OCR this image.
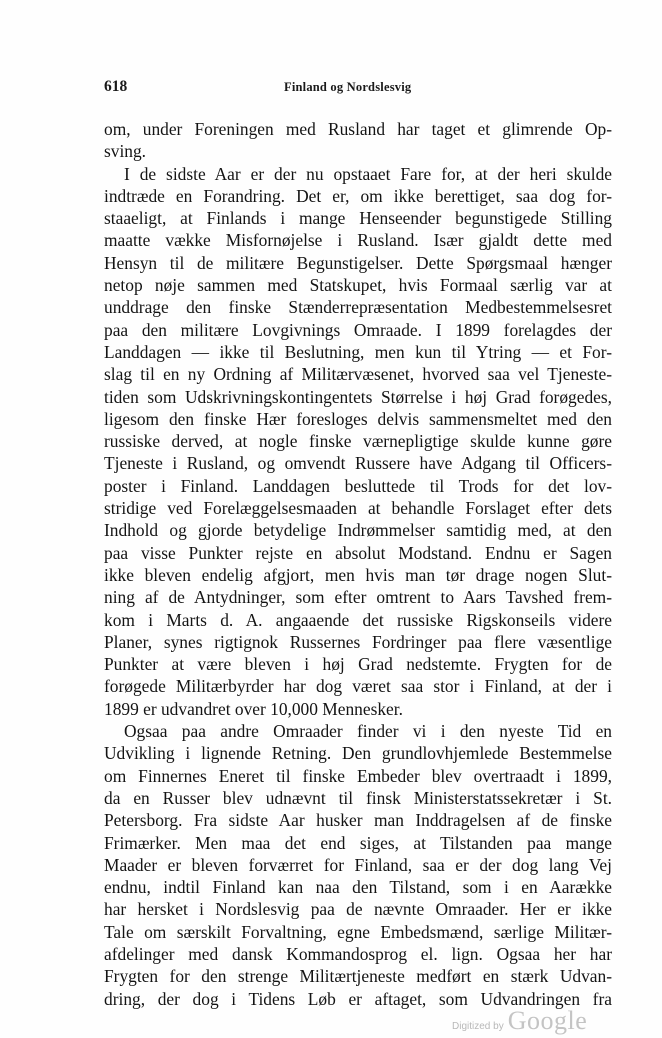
618	Finland og Nordslesvig
om, under Foreningen med Rusland har taget et glimrende Op-
sving.
I de sidste Aar er der nu opstaaet Fare for, at der heri skulde
indtræde en Forandring. Det er, om ikke berettiget, saa dog for-
staaeligt, at Finlands i mange Henseender begunstigede Stilling
maatte vække Misfornøjelse i Rusland. Især gjaldt dette med
Hensyn til de militære Begunstigelser. Dette Spørgsmaal hænger
netop nøje sammen med Statskupet, hvis Formaal særlig var at
unddrage den finske Stænderrepræsentation Medbestemmelsesret
paa den militære Lovgivnings Omraade. I 1899 forelagdes der
Landdagen — ikke til Beslutning, men kun til Ytring — et For-
slag til en ny Ordning af Militærvæsenet, hvorved saa vel Tjeneste-
tiden som Udskrivningskontingentets Størrelse i høj Grad forøgedes,
ligesom den finske Hær foresloges delvis sammensmeltet med den
russiske derved, at nogle finske værnepligtige skulde kunne gøre
Tjeneste i Rusland, og omvendt Russere have Adgang til Officers-
poster i Finland. Landdagen besluttede til Trods for det lov-
stridige ved Forelæggelsesmaaden at behandle Forslaget efter dets
Indhold og gjorde betydelige Indrømmelser samtidig med, at den
paa visse Punkter rejste en absolut Modstand. Endnu er Sagen
ikke bleven endelig afgjort, men hvis man tør drage nogen Slut-
ning af de Antydninger, som efter omtrent to Aars Tavshed frem-
kom i Marts d. A. angaaende det russiske Rigskonseils videre
Planer, synes rigtignok Russernes Fordringer paa flere væsentlige
Punkter at være bleven i høj Grad nedstemte. Frygten for de
forøgede Militærbyrder har dog været saa stor i Finland, at der i
1899 er udvandret over 10,000 Mennesker.
Ogsaa paa andre Omraader finder vi i den nyeste Tid en
Udvikling i lignende Retning. Den grundlovhjemlede Bestemmelse
om Finnernes Eneret til finske Embeder blev overtraadt i 1899,
da en Russer blev udnævnt til finsk Ministerstatssekretær i St.
Petersborg. Fra sidste Aar husker man Inddragelsen af de finske
Frimærker. Men maa det end siges, at Tilstanden paa mange
Maader er bleven forværret for Finland, saa er der dog lang Vej
endnu, indtil Finland kan naa den Tilstand, som i en Aarække
har hersket i Nordslesvig paa de nævnte Omraader. Her er ikke
Tale om særskilt Forvaltning, egne Embedsmænd, særlige Militær-
afdelinger med dansk Kommandosprog el. lign. Ogsaa her har
Frygten for den strenge Militærtjeneste medført en stærk Udvan-
dring, der dog i Tidens Løb er aftaget, som Udvandringen fra
Digitized by Google
